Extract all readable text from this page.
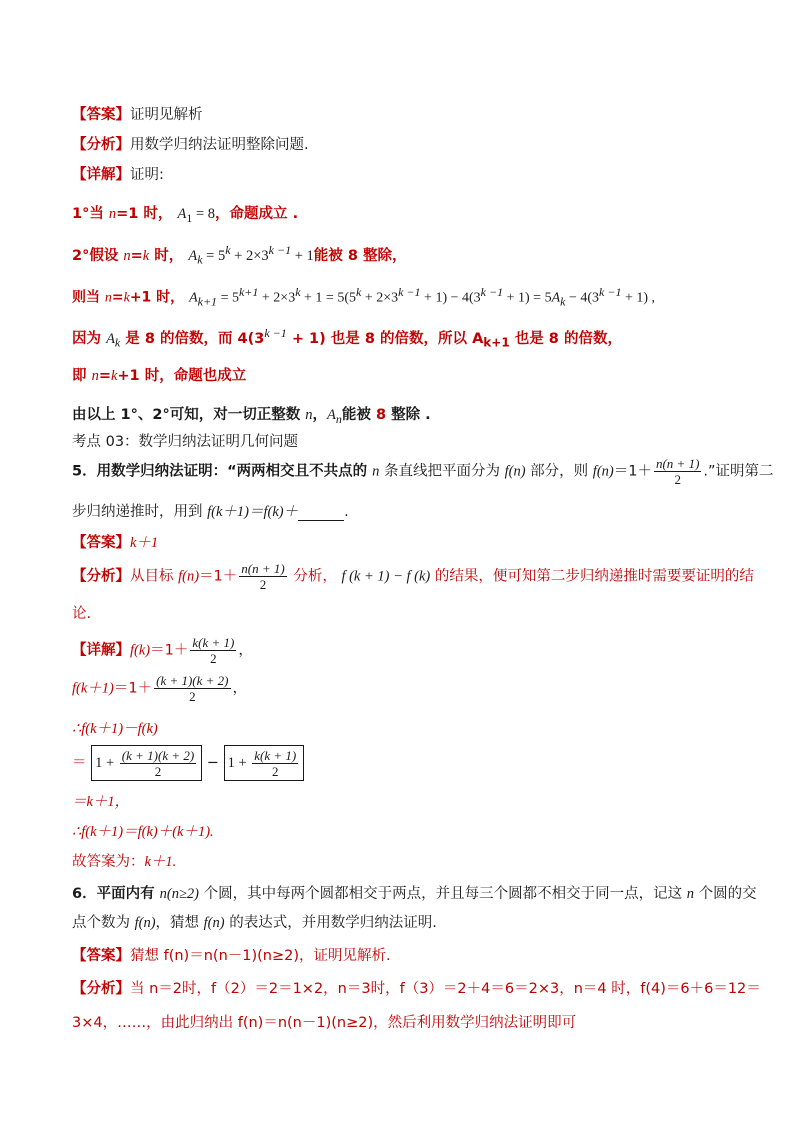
【答案】证明见解析
【分析】用数学归纳法证明整除问题.
【详解】证明:
1°当 n=1 时， $A_1 = 8$，命题成立 .
2°假设 n=k 时， $A_k = 5^k + 2\times 3^{k -1} + 1$能被 8 整除，
则当 n=k+1 时， $A_{k+1} = 5^{k+1} + 2\times 3^k + 1 = 5(5^k + 2\times 3^{k -1} + 1) - 4(3^{k -1} + 1) = 5A_k - 4(3^{k -1} + 1)$ ,
因为 $A_k$ 是 8 的倍数，而 $4(3^{k -1} + 1)$ 也是 8 的倍数，所以 $A_{k+1}$ 也是 8 的倍数，
即 n=k+1 时，命题也成立
由以上 1°、2°可知，对一切正整数 n，$A_n$能被 8 整除 .
考点 03：数学归纳法证明几何问题
5．用数学归纳法证明：“两两相交且不共点的 n 条直线把平面分为 f(n) 部分，则 $f(n)=1+ \frac{n(n + 1)}{2}$ .”证明第二
步归纳递推时，用到 f(k＋1)＝f(k)＋	.
【答案】k＋1
【分析】从目标 $f(n)=1+ \frac{n(n + 1)}{2}$ 分析， f (k + 1) − f (k) 的结果，便可知第二步归纳递推时需要要证明的结
论.
【详解】$f(k)=1+ \frac{k(k + 1)}{2}$ ，
$f(k+1)=1+ \frac{(k + 1)(k + 2)}{2}$ ，
∴f(k＋1)－f(k)
＝ $1 + \frac{(k + 1)(k + 2)}{2} - 1 + \frac{k(k + 1)}{2}$
＝k＋1，
∴f(k＋1)＝f(k)＋(k＋1).
故答案为：k＋1.
6．平面内有 n(n≥2) 个圆，其中每两个圆都相交于两点，并且每三个圆都不相交于同一点，记这 n 个圆的交
点个数为 f(n)，猜想 f(n) 的表达式，并用数学归纳法证明.
【答案】猜想 f(n)＝n(n－1)(n≥2)，证明见解析.
【分析】当 n＝2时，f（2）＝2＝1×2，n＝3时，f（3）＝2＋4＝6＝2×3，n＝4 时，f(4)＝6＋6＝12＝
3×4，……，由此归纳出 f(n)＝n(n－1)(n≥2)，然后利用数学归纳法证明即可
